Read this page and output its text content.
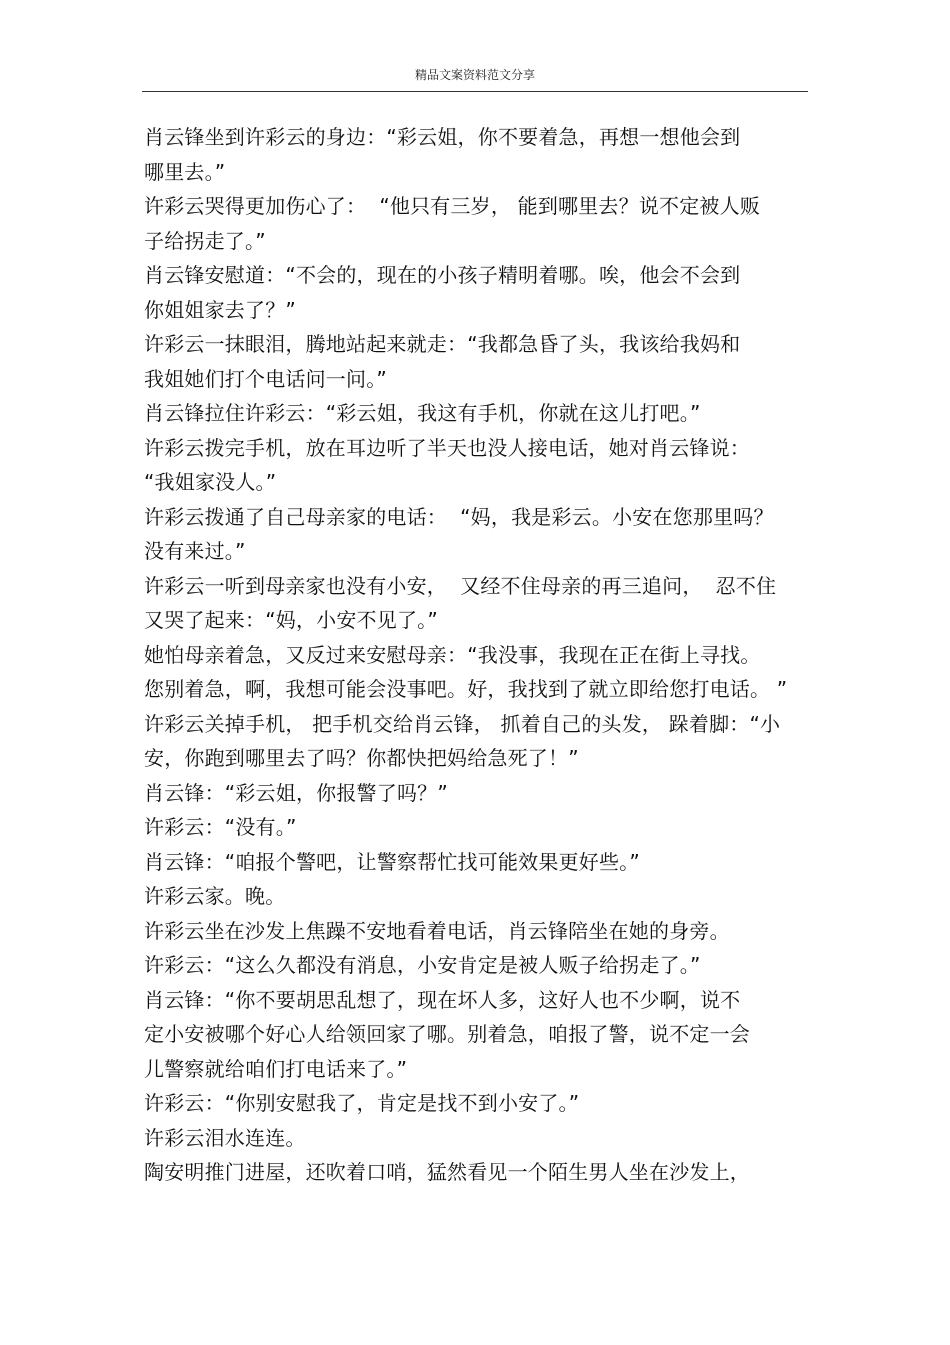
精品文案资料范文分享
肖云锋坐到许彩云的身边：“彩云姐，你不要着急，再想一想他会到
哪里去。”
许彩云哭得更加伤心了：  “他只有三岁， 能到哪里去？说不定被人贩
子给拐走了。”
肖云锋安慰道：“不会的，现在的小孩子精明着哪。唉，他会不会到
你姐姐家去了？”
许彩云一抹眼泪，腾地站起来就走：“我都急昏了头，我该给我妈和
我姐她们打个电话问一问。”
肖云锋拉住许彩云：“彩云姐，我这有手机，你就在这儿打吧。”
许彩云拨完手机，放在耳边听了半天也没人接电话，她对肖云锋说：
“我姐家没人。”
许彩云拨通了自己母亲家的电话：  “妈，我是彩云。小安在您那里吗？
没有来过。”
许彩云一听到母亲家也没有小安，  又经不住母亲的再三追问，  忍不住
又哭了起来：“妈，小安不见了。”
她怕母亲着急，又反过来安慰母亲：“我没事，我现在正在街上寻找。
您别着急，啊，我想可能会没事吧。好，我找到了就立即给您打电话。 ”
许彩云关掉手机， 把手机交给肖云锋， 抓着自己的头发， 跺着脚：“小
安，你跑到哪里去了吗？你都快把妈给急死了！”
肖云锋：“彩云姐，你报警了吗？”
许彩云：“没有。”
肖云锋：“咱报个警吧，让警察帮忙找可能效果更好些。”
许彩云家。晚。
许彩云坐在沙发上焦躁不安地看着电话，肖云锋陪坐在她的身旁。
许彩云：“这么久都没有消息，小安肯定是被人贩子给拐走了。”
肖云锋：“你不要胡思乱想了，现在坏人多，这好人也不少啊，说不
定小安被哪个好心人给领回家了哪。别着急，咱报了警，说不定一会
儿警察就给咱们打电话来了。”
许彩云：“你别安慰我了，肯定是找不到小安了。”
许彩云泪水连连。
陶安明推门进屋，还吹着口哨，猛然看见一个陌生男人坐在沙发上，
